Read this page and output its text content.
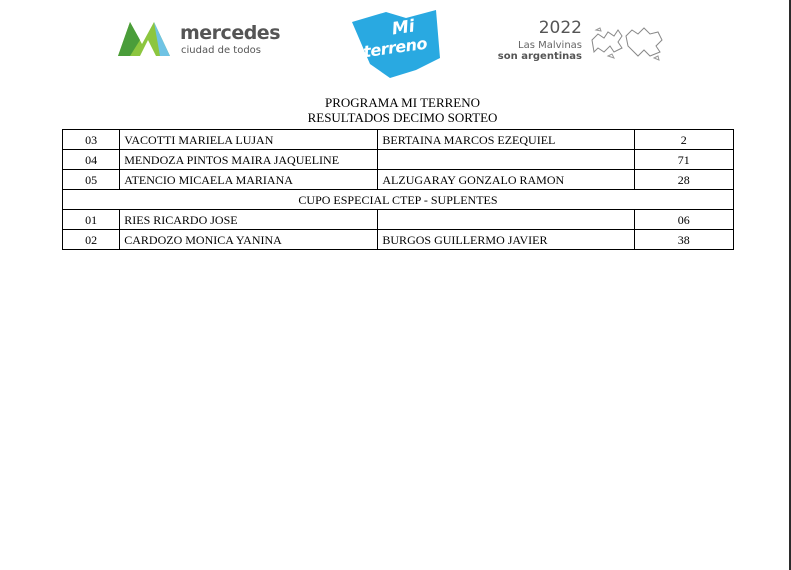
mercedes
ciudad de todos
Mi
terreno
2022
Las Malvinas
son argentinas
PROGRAMA MI TERRENO
RESULTADOS DECIMO SORTEO
03	VACOTTI MARIELA LUJAN	BERTAINA MARCOS EZEQUIEL	2
04	MENDOZA PINTOS MAIRA JAQUELINE		71
05	ATENCIO MICAELA MARIANA	ALZUGARAY GONZALO RAMON	28
CUPO ESPECIAL CTEP - SUPLENTES			
01	RIES RICARDO JOSE		06
02	CARDOZO MONICA YANINA	BURGOS GUILLERMO JAVIER	38
